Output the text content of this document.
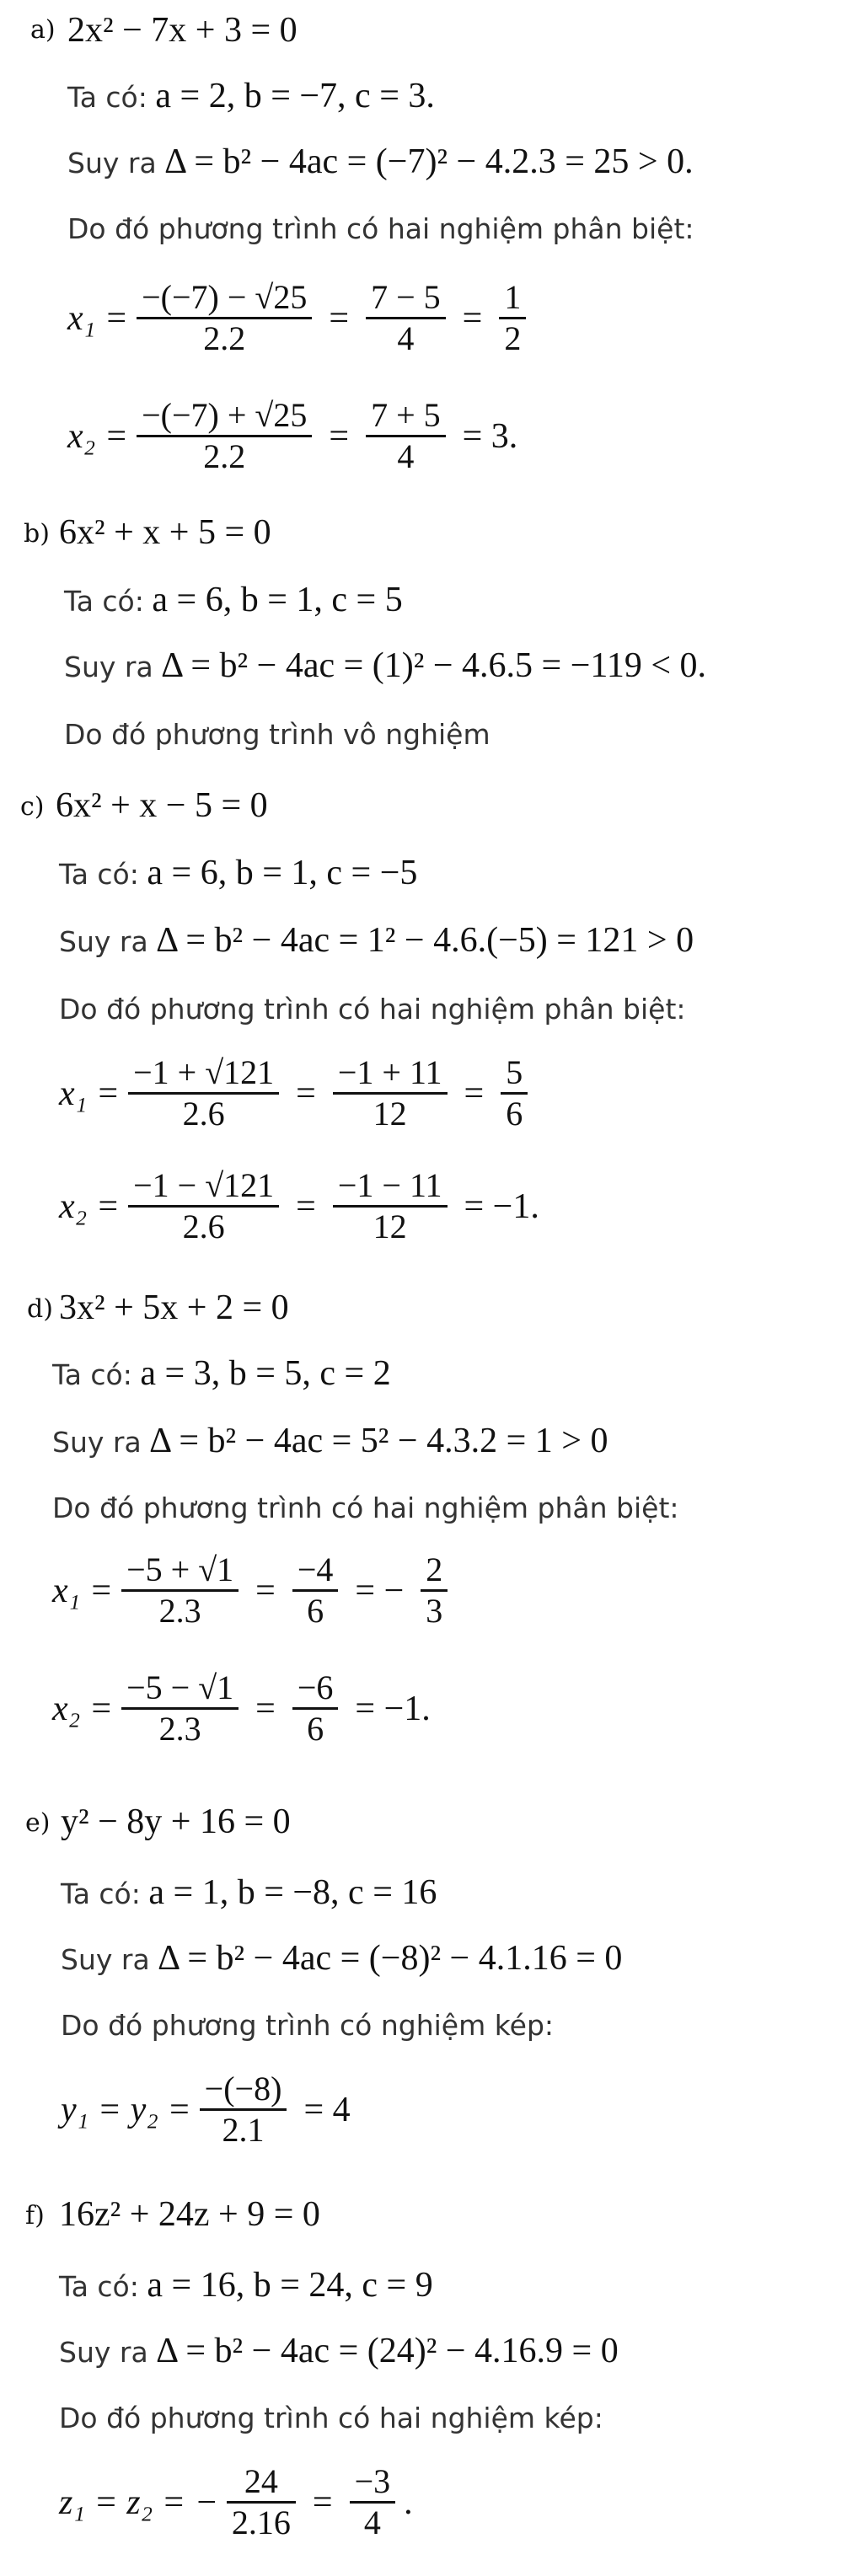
a) 2x² − 7x + 3 = 0
Ta có: a = 2, b = −7, c = 3.
Suy ra Δ = b² − 4ac = (−7)² − 4.2.3 = 25 > 0.
Do đó phương trình có hai nghiệm phân biệt:
$x_1 = \frac{-(-7) - √25}{2.2} = \frac{7 - 5}{4} = \frac{1}{2}$
$x_2 = \frac{-(-7) + √25}{2.2} = \frac{7 + 5}{4} = 3$.
b) 6x² + x + 5 = 0
Ta có: a = 6, b = 1, c = 5
Suy ra Δ = b² − 4ac = (1)² − 4.6.5 = −119 < 0.
Do đó phương trình vô nghiệm
c) 6x² + x − 5 = 0
Ta có: a = 6, b = 1, c = −5
Suy ra Δ = b² − 4ac = 1² − 4.6.(−5) = 121 > 0
Do đó phương trình có hai nghiệm phân biệt:
$x_1 = \frac{-1 + √121}{2.6} = \frac{-1 + 11}{12} = \frac{5}{6}$
$x_2 = \frac{-1 - √121}{2.6} = \frac{-1 - 11}{12} = -1$.
d) 3x² + 5x + 2 = 0
Ta có: a = 3, b = 5, c = 2
Suy ra Δ = b² − 4ac = 5² − 4.3.2 = 1 > 0
Do đó phương trình có hai nghiệm phân biệt:
$x_1 = \frac{-5 + √1}{2.3} = \frac{-4}{6}$ = − $\frac{2}{3}$
$x_2 = \frac{-5 - √1}{2.3} = \frac{-6}{6} = -1$.
e) y² − 8y + 16 = 0
Ta có: a = 1, b = −8, c = 16
Suy ra Δ = b² − 4ac = (−8)² − 4.1.16 = 0
Do đó phương trình có nghiệm kép:
$y_1 = y_2 = \frac{-(-8)}{2.1} = 4$
f) 16z² + 24z + 9 = 0
Ta có: a = 16, b = 24, c = 9
Suy ra Δ = b² − 4ac = (24)² − 4.16.9 = 0
Do đó phương trình có hai nghiệm kép:
z₁ = z₂ = − $\frac{24}{2.16} = \frac{-3}{4}$ .
